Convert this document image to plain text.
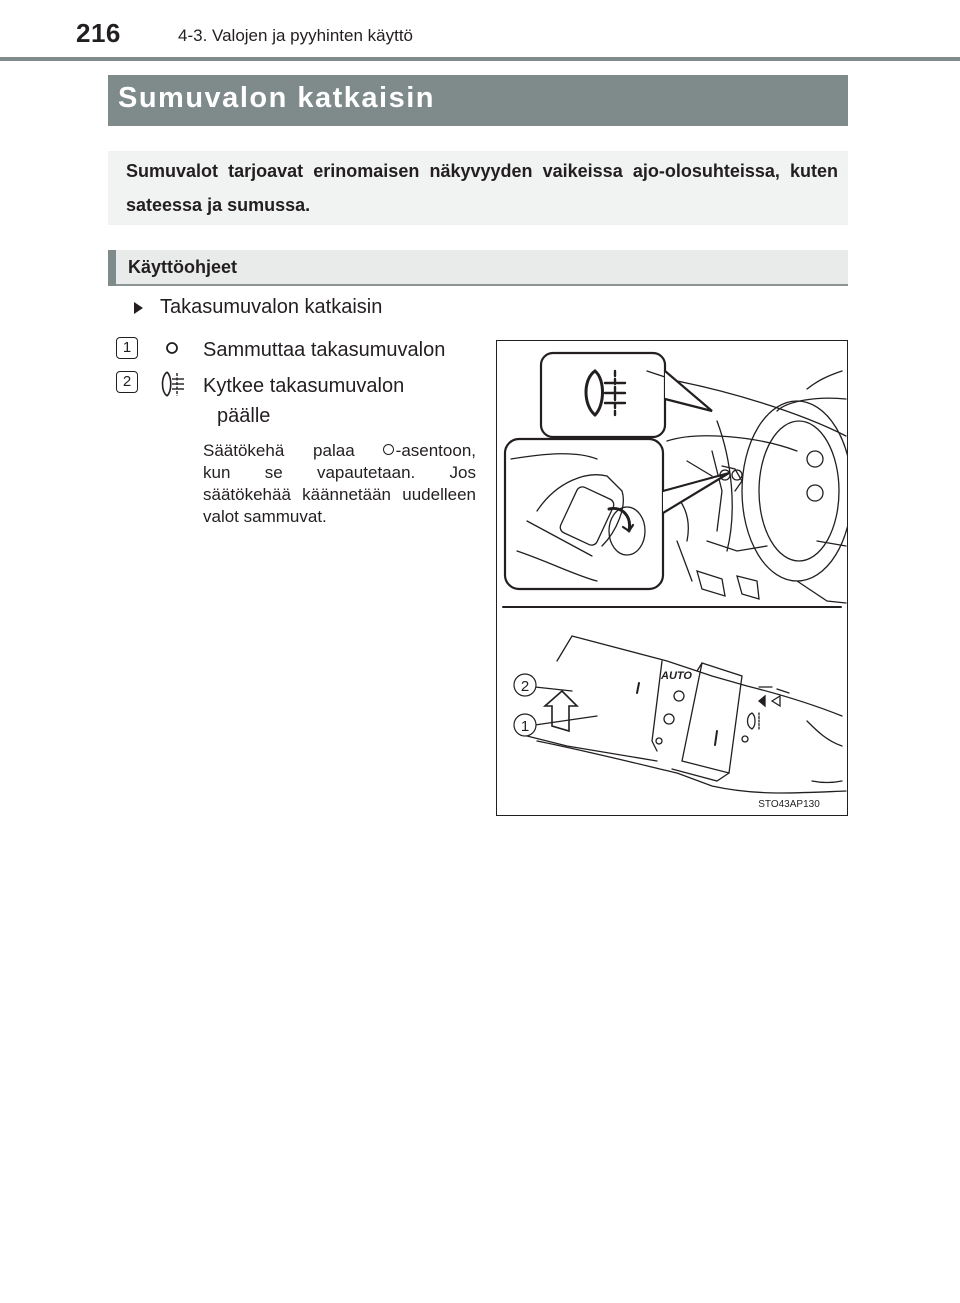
216	4-3. Valojen ja pyyhinten käyttö
Sumuvalon katkaisin
Sumuvalot tarjoavat erinomaisen näkyvyyden vaikeissa ajo-olosuhteissa, kuten sateessa ja sumussa.
Käyttöohjeet
Takasumuvalon katkaisin
1	Sammuttaa takasumuvalon
2	Kytkee takasumuvalon
päälle
Säätökehä palaa -asentoon, kun se vapautetaan. Jos säätökehää käännetään uudelleen valot sammuvat.
AUTO
2
1
STO43AP130
